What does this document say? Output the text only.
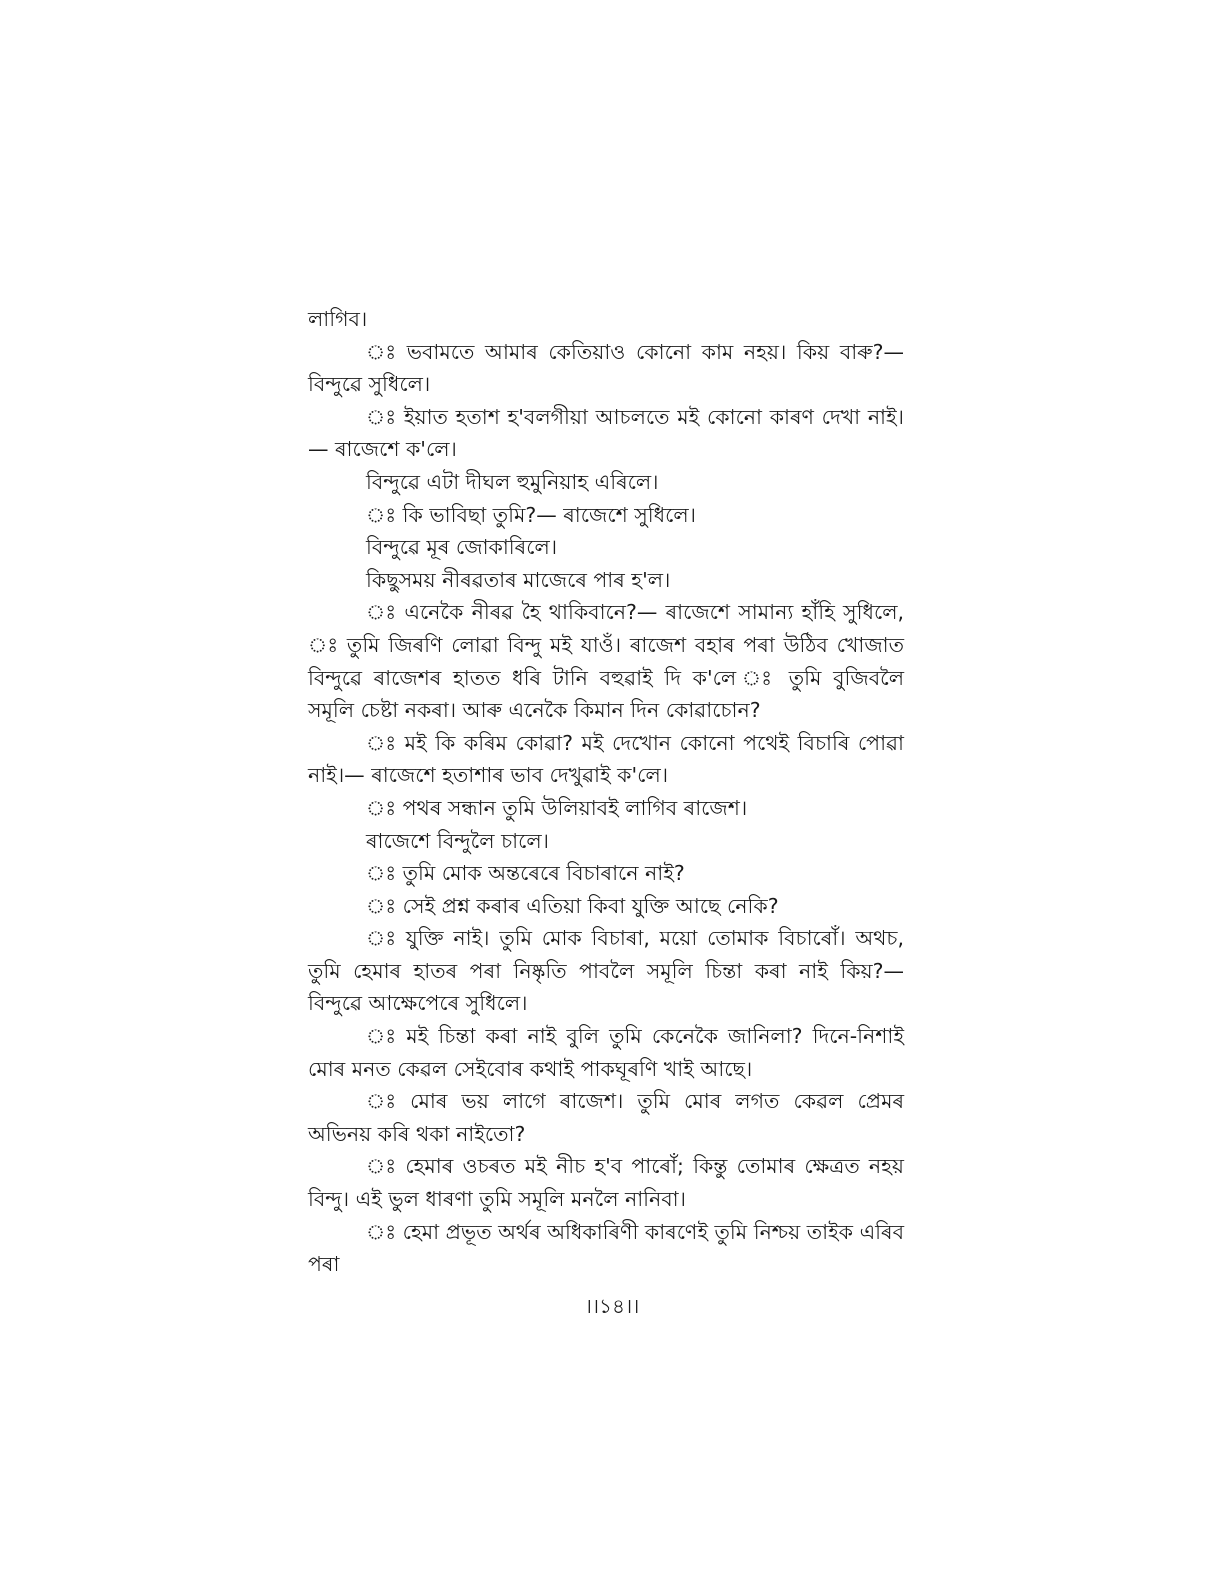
লাগিব।

ঃ ভবামতে আমাৰ কেতিয়াও কোনো কাম নহয়। কিয় বাৰু?— বিন্দুৱে সুধিলে।

ঃ ইয়াত হতাশ হ'বলগীয়া আচলতে মই কোনো কাৰণ দেখা নাই।— ৰাজেশে ক'লে।

বিন্দুৱে এটা দীঘল হুমুনিয়াহ এৰিলে।

ঃ কি ভাবিছা তুমি?— ৰাজেশে সুধিলে।

বিন্দুৱে মূৰ জোকাৰিলে।

কিছুসময় নীৰৱতাৰ মাজেৰে পাৰ হ'ল।

ঃ এনেকৈ নীৰৱ হৈ থাকিবানে?— ৰাজেশে সামান্য হাঁহি সুধিলে, ঃ তুমি জিৰণি লোৱা বিন্দু মই যাওঁ। ৰাজেশ বহাৰ পৰা উঠিব খোজাত বিন্দুৱে ৰাজেশৰ হাতত ধৰি টানি বহুৱাই দি ক'লে ঃ তুমি বুজিবলৈ সমূলি চেষ্টা নকৰা। আৰু এনেকৈ কিমান দিন কোৱাচোন?

ঃ মই কি কৰিম কোৱা? মই দেখোন কোনো পথেই বিচাৰি পোৱা নাই।— ৰাজেশে হতাশাৰ ভাব দেখুৱাই ক'লে।

ঃ পথৰ সন্ধান তুমি উলিয়াবই লাগিব ৰাজেশ।

ৰাজেশে বিন্দুলৈ চালে।

ঃ তুমি মোক অন্তৰেৰে বিচাৰানে নাই?

ঃ সেই প্ৰশ্ন কৰাৰ এতিয়া কিবা যুক্তি আছে নেকি?

ঃ যুক্তি নাই। তুমি মোক বিচাৰা, ময়ো তোমাক বিচাৰোঁ। অথচ, তুমি হেমাৰ হাতৰ পৰা নিষ্কৃতি পাবলৈ সমূলি চিন্তা কৰা নাই কিয়?— বিন্দুৱে আক্ষেপেৰে সুধিলে।

ঃ মই চিন্তা কৰা নাই বুলি তুমি কেনেকৈ জানিলা? দিনে-নিশাই মোৰ মনত কেৱল সেইবোৰ কথাই পাকঘূৰণি খাই আছে।

ঃ মোৰ ভয় লাগে ৰাজেশ। তুমি মোৰ লগত কেৱল প্ৰেমৰ অভিনয় কৰি থকা নাইতো?

ঃ হেমাৰ ওচৰত মই নীচ হ'ব পাৰোঁ; কিন্তু তোমাৰ ক্ষেত্ৰত নহয় বিন্দু। এই ভুল ধাৰণা তুমি সমূলি মনলৈ নানিবা।

ঃ হেমা প্ৰভূত অৰ্থৰ অধিকাৰিণী কাৰণেই তুমি নিশ্চয় তাইক এৰিব পৰা

।।১৪।।
